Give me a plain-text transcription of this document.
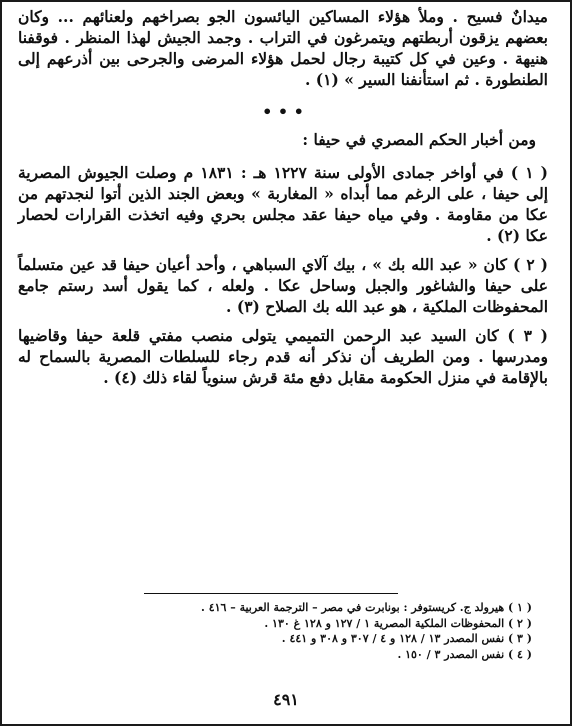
ميدانٌ فسيح . وملأ هؤلاء المساكين اليائسون الجو بصراخهم ولعنائهم ... وكان بعضهم يزقون أربطتهم ويتمرغون في التراب . وجمد الجيش لهذا المنظر . فوقفنا هنيهة . وعين في كل كتيبة رجال لحمل هؤلاء المرضى والجرحى بين أذرعهم إلى الطنطورة . ثم استأنفنا السير » (١) .

• • •

ومن أخبار الحكم المصري في حيفا :

( ١ ) في أواخر جمادى الأولى سنة ١٢٢٧ هـ : ١٨٣١ م وصلت الجيوش المصرية إلى حيفا ، على الرغم مما أبداه « المغاربة » وبعض الجند الذين أتوا لنجدتهم من عكا من مقاومة . وفي مياه حيفا عقد مجلس بحري وفيه اتخذت القرارات لحصار عكا (٢) .

( ٢ ) كان « عبد الله بك » ، بيك آلاي السباهي ، وأحد أعيان حيفا قد عين متسلماً على حيفا والشاغور والجبل وساحل عكا . ولعله ، كما يقول أسد رستم جامع المحفوظات الملكية ، هو عبد الله بك الصلاح (٣) .

( ٣ ) كان السيد عبد الرحمن التميمي يتولى منصب مفتي قلعة حيفا وقاضيها ومدرسها . ومن الطريف أن نذكر أنه قدم رجاء للسلطات المصرية بالسماح له بالإقامة في منزل الحكومة مقابل دفع مئة قرش سنوياً لقاء ذلك (٤) .

( ١ ) هيرولد ج. كريستوفر : بونابرت في مصر – الترجمة العربية – ٤١٦ .

( ٢ ) المحفوظات الملكية المصرية ١ / ١٢٧ و ١٢٨ غ ١٣٠ .

( ٣ ) نفس المصدر ١٣ / ١٢٨ و ٤ / ٣٠٧ و ٣٠٨ و ٤٤١ .

( ٤ ) نفس المصدر ٣ / ١٥٠ .

٤٩١
